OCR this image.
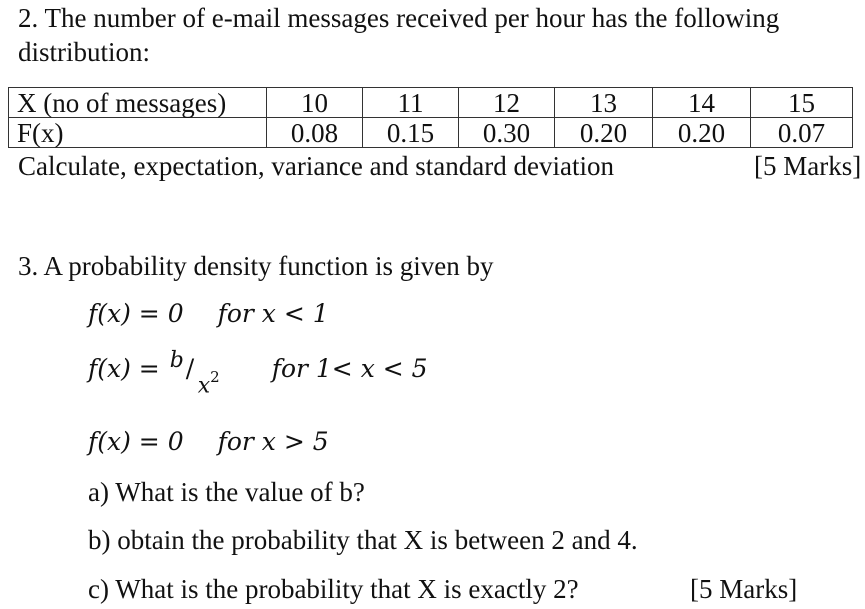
2. The number of e-mail messages received per hour has the following
distribution:
X (no of messages)	10	11	12	13	14	15
F(x)	0.08	0.15	0.30	0.20	0.20	0.07
Calculate, expectation, variance and standard deviation	[5 Marks]
3. A probability density function is given by
f(x) = 0 for x < 1
f(x) = b /
$x^2$ for 1< x < 5
f(x) = 0 for x > 5
a) What is the value of b?
b) obtain the probability that X is between 2 and 4.
c) What is the probability that X is exactly 2?	[5 Marks]
